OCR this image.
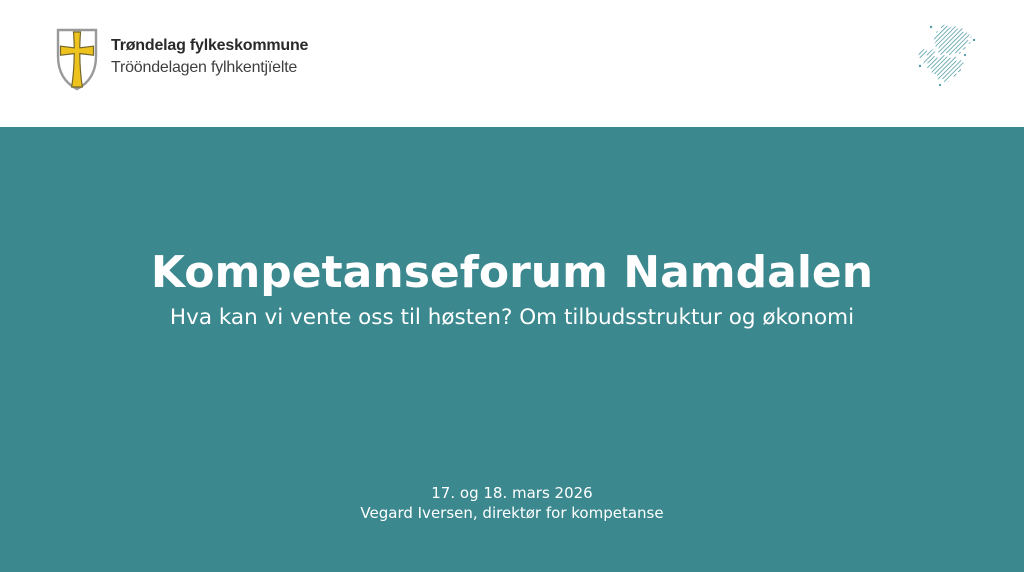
Trøndelag fylkeskommune
Trööndelagen fylhkentjïelte
Kompetanseforum Namdalen

Hva kan vi vente oss til høsten? Om tilbudsstruktur og økonomi

17. og 18. mars 2026
Vegard Iversen, direktør for kompetanse
